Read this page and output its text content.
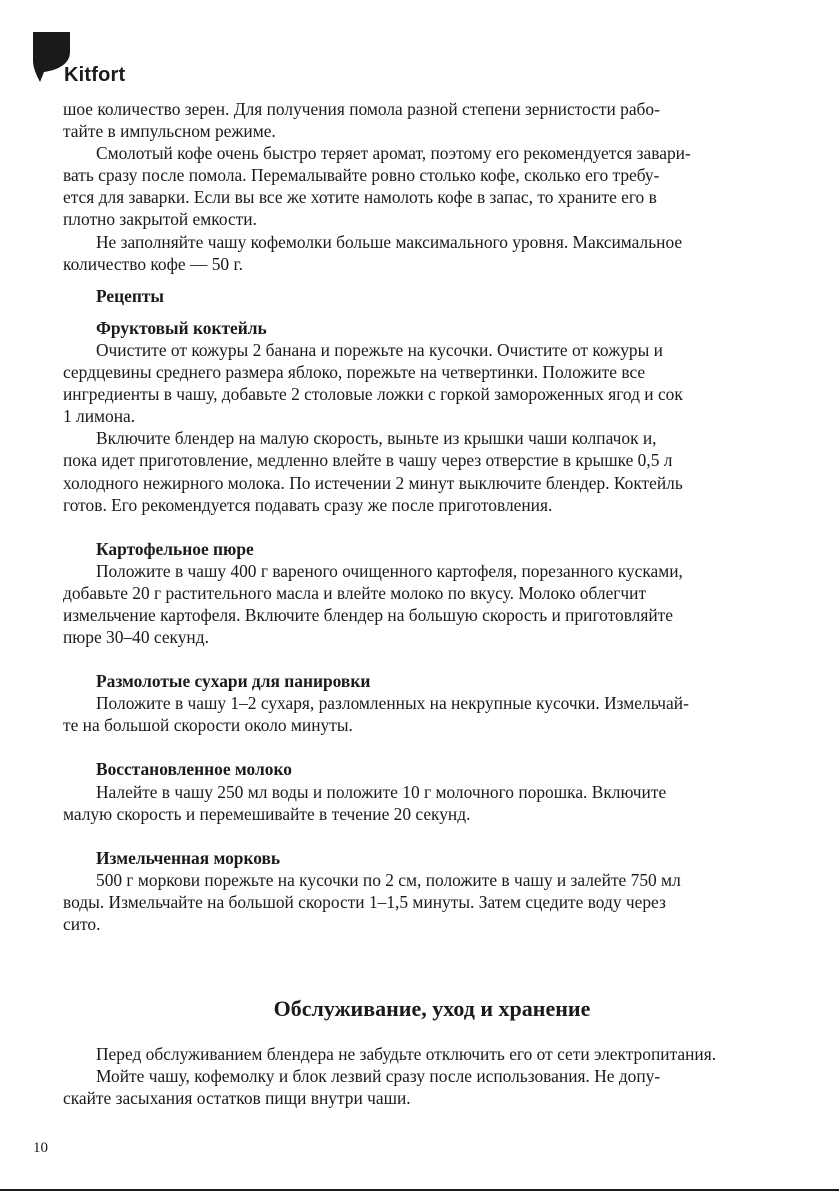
Kitfort
шое количество зерен. Для получения помола разной степени зернистости рабо-
тайте в импульсном режиме.
Смолотый кофе очень быстро теряет аромат, поэтому его рекомендуется завари-
вать сразу после помола. Перемалывайте ровно столько кофе, сколько его требу-
ется для заварки. Если вы все же хотите намолоть кофе в запас, то храните его в
плотно закрытой емкости.
Не заполняйте чашу кофемолки больше максимального уровня. Максимальное
количество кофе — 50 г.
Рецепты
Фруктовый коктейль
Очистите от кожуры 2 банана и порежьте на кусочки. Очистите от кожуры и
сердцевины среднего размера яблоко, порежьте на четвертинки. Положите все
ингредиенты в чашу, добавьте 2 столовые ложки с горкой замороженных ягод и сок
1 лимона.
Включите блендер на малую скорость, выньте из крышки чаши колпачок и,
пока идет приготовление, медленно влейте в чашу через отверстие в крышке 0,5 л
холодного нежирного молока. По истечении 2 минут выключите блендер. Коктейль
готов. Его рекомендуется подавать сразу же после приготовления.
Картофельное пюре
Положите в чашу 400 г вареного очищенного картофеля, порезанного кусками,
добавьте 20 г растительного масла и влейте молоко по вкусу. Молоко облегчит
измельчение картофеля. Включите блендер на большую скорость и приготовляйте
пюре 30–40 секунд.
Размолотые сухари для панировки
Положите в чашу 1–2 сухаря, разломленных на некрупные кусочки. Измельчай-
те на большой скорости около минуты.
Восстановленное молоко
Налейте в чашу 250 мл воды и положите 10 г молочного порошка. Включите
малую скорость и перемешивайте в течение 20 секунд.
Измельченная морковь
500 г моркови порежьте на кусочки по 2 см, положите в чашу и залейте 750 мл
воды. Измельчайте на большой скорости 1–1,5 минуты. Затем сцедите воду через
сито.
Обслуживание, уход и хранение
Перед обслуживанием блендера не забудьте отключить его от сети электропитания.
Мойте чашу, кофемолку и блок лезвий сразу после использования. Не допу-
скайте засыхания остатков пищи внутри чаши.
10
